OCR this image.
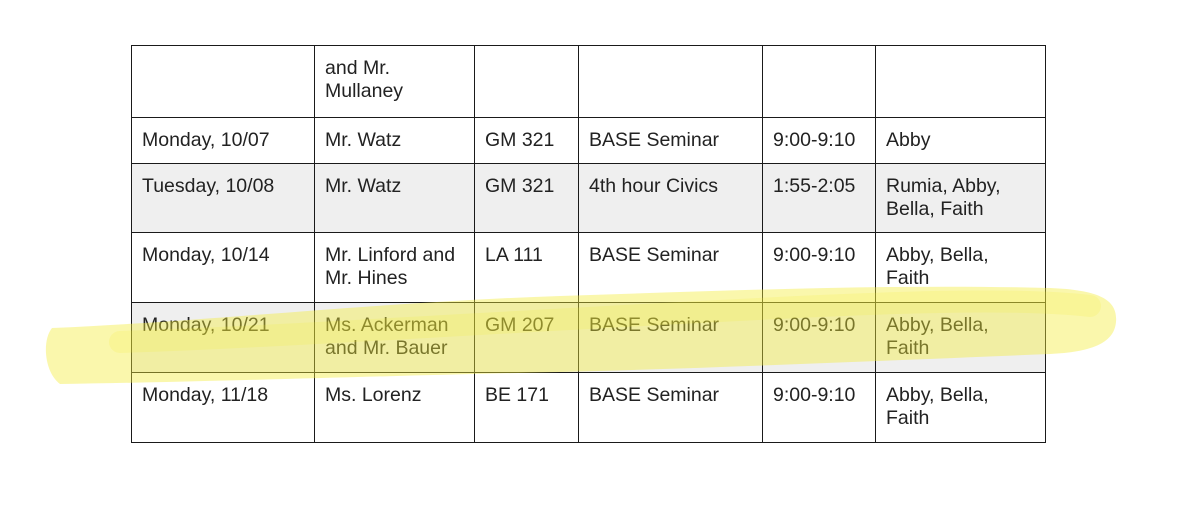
	and Mr. Mullaney				
Monday, 10/07	Mr. Watz	GM 321	BASE Seminar	9:00-9:10	Abby
Tuesday, 10/08	Mr. Watz	GM 321	4th hour Civics	1:55-2:05	Rumia, Abby, Bella, Faith
Monday, 10/14	Mr. Linford and Mr. Hines	LA 111	BASE Seminar	9:00-9:10	Abby, Bella, Faith
Monday, 10/21	Ms. Ackerman and Mr. Bauer	GM 207	BASE Seminar	9:00-9:10	Abby, Bella, Faith
Monday, 11/18	Ms. Lorenz	BE 171	BASE Seminar	9:00-9:10	Abby, Bella, Faith
